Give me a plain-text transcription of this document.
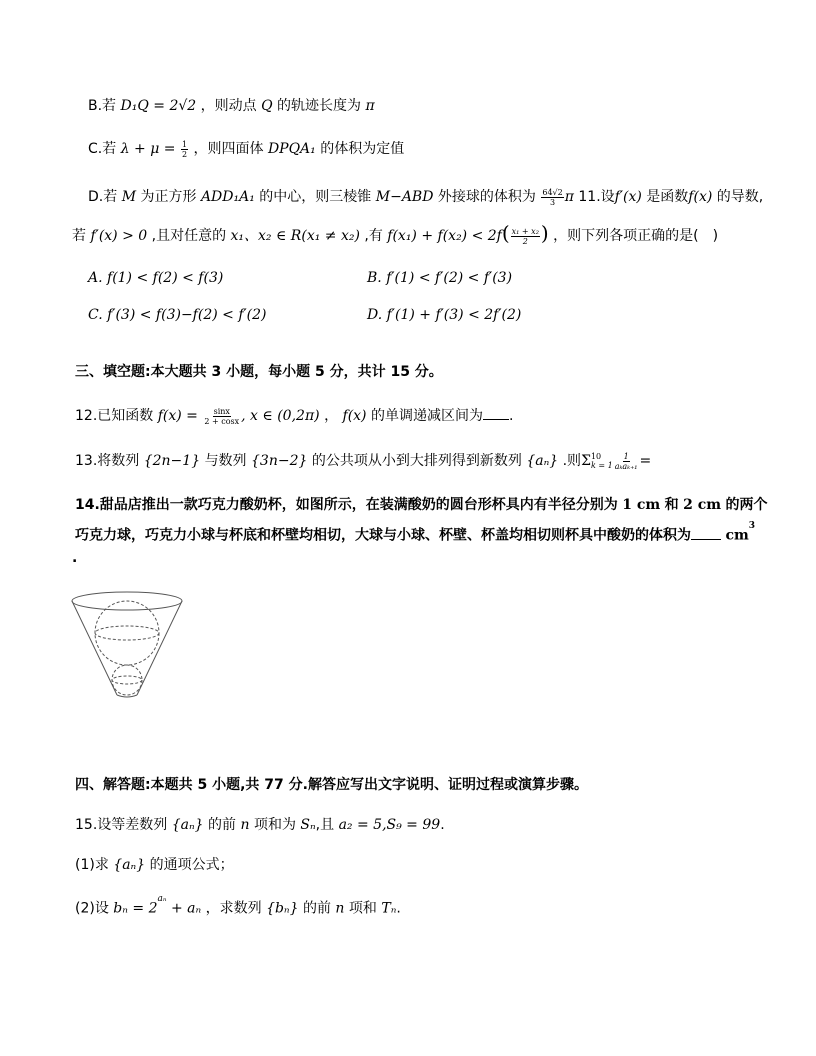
B.若 D₁Q = 2√2 ，则动点 Q 的轨迹长度为 π
C.若 $\lambda + \mu = \frac{1}{2}$ ，则四面体 DPQA₁ 的体积为定值
D.若 M 为正方形 ADD₁A₁ 的中心，则三棱锥 M−ABD 外接球的体积为 $\frac{64√2}{3}$ π 11.设f′(x) 是函数f(x) 的导数,
若 f′(x) > 0 ,且对任意的 x₁、x₂ ∈ R(x₁ ≠ x₂) ,有 $f(x_1) + f(x_2) < 2f( \frac{\text{x₁ + x₂}}{2}$ ) ，则下列各项正确的是(　)
A. f(1) < f(2) < f(3)	B. f′(1) < f′(2) < f′(3)
C. f′(3) < f(3)−f(2) < f′(2)	D. f′(1) + f′(3) < 2f′(2)
三、填空题:本大题共 3 小题，每小题 5 分，共计 15 分。
12.已知函数 $f(x) = \frac{\sin x}{2 + \cos x}$ , x ∈ (0,2π) ， f(x) 的单调递减区间为 .
13.将数列 {2n−1} 与数列 {3n−2} 的公共项从小到大排列得到新数列 {aₙ} .则Σ 10
$k = 1 \frac{1}{\text{aₖaₖ₊₁}}$ =
14.甜品店推出一款巧克力酸奶杯，如图所示，在装满酸奶的圆台形杯具内有半径分别为 1 cm 和 2 cm 的两个
巧克力球，巧克力小球与杯底和杯壁均相切，大球与小球、杯壁、杯盖均相切则杯具中酸奶的体积为 $cm^3$
.
四、解答题:本题共 5 小题,共 77 分.解答应写出文字说明、证明过程或演算步骤。
15.设等差数列 {aₙ} 的前 n 项和为 Sₙ,且 a₂ = 5,S₉ = 99.
(1)求 {aₙ} 的通项公式；
(2)设 $b_n = 2^{a_n} + a_n$ ，求数列 {bₙ} 的前 n 项和 Tₙ.
